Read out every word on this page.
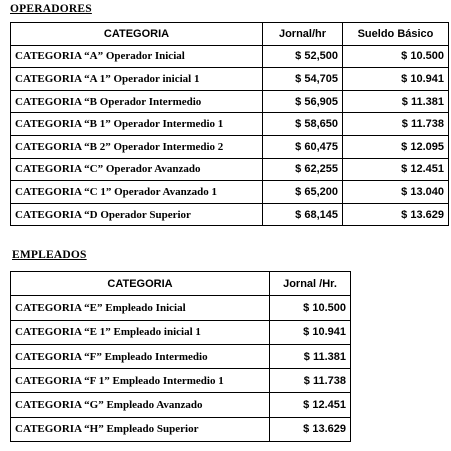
OPERADORES
CATEGORIA	Jornal/hr	Sueldo Básico
CATEGORIA “A” Operador Inicial	$ 52,500	$ 10.500
CATEGORIA “A 1” Operador inicial 1	$ 54,705	$ 10.941
CATEGORIA “B Operador Intermedio	$ 56,905	$ 11.381
CATEGORIA “B 1” Operador Intermedio 1	$ 58,650	$ 11.738
CATEGORIA “B 2” Operador Intermedio 2	$ 60,475	$ 12.095
CATEGORIA “C” Operador Avanzado	$ 62,255	$ 12.451
CATEGORIA “C 1” Operador Avanzado 1	$ 65,200	$ 13.040
CATEGORIA “D Operador Superior	$ 68,145	$ 13.629
EMPLEADOS
CATEGORIA	Jornal /Hr.
CATEGORIA “E” Empleado Inicial	$ 10.500
CATEGORIA “E 1” Empleado inicial 1	$ 10.941
CATEGORIA “F” Empleado Intermedio	$ 11.381
CATEGORIA “F 1” Empleado Intermedio 1	$ 11.738
CATEGORIA “G” Empleado Avanzado	$ 12.451
CATEGORIA “H” Empleado Superior	$ 13.629
